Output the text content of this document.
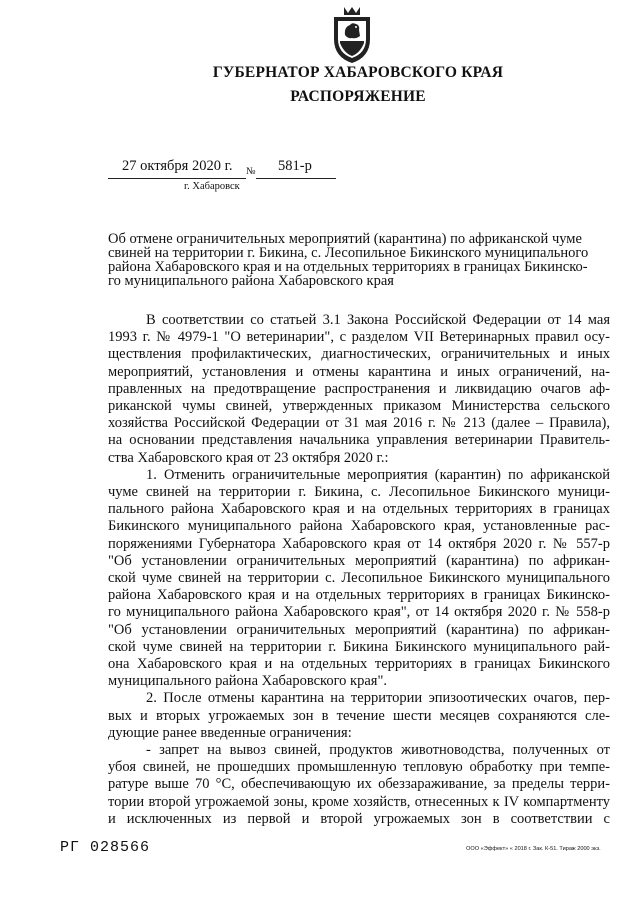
ГУБЕРНАТОР ХАБАРОВСКОГО КРАЯ
РАСПОРЯЖЕНИЕ
27 октября 2020 г. № 581-р
г. Хабаровск
Об отмене ограничительных мероприятий (карантина) по африканской чуме
свиней на территории г. Бикина, с. Лесопильное Бикинского муниципального
района Хабаровского края и на отдельных территориях в границах Бикинско-
го муниципального района Хабаровского края
В соответствии со статьей 3.1 Закона Российской Федерации от 14 мая
1993 г. № 4979-1 "О ветеринарии", с разделом VII Ветеринарных правил осу-
ществления профилактических, диагностических, ограничительных и иных
мероприятий, установления и отмены карантина и иных ограничений, на-
правленных на предотвращение распространения и ликвидацию очагов аф-
риканской чумы свиней, утвержденных приказом Министерства сельского
хозяйства Российской Федерации от 31 мая 2016 г. № 213 (далее – Правила),
на основании представления начальника управления ветеринарии Правитель-
ства Хабаровского края от 23 октября 2020 г.:
1. Отменить ограничительные мероприятия (карантин) по африканской
чуме свиней на территории г. Бикина, с. Лесопильное Бикинского муници-
пального района Хабаровского края и на отдельных территориях в границах
Бикинского муниципального района Хабаровского края, установленные рас-
поряжениями Губернатора Хабаровского края от 14 октября 2020 г. № 557-р
"Об установлении ограничительных мероприятий (карантина) по африкан-
ской чуме свиней на территории с. Лесопильное Бикинского муниципального
района Хабаровского края и на отдельных территориях в границах Бикинско-
го муниципального района Хабаровского края", от 14 октября 2020 г. № 558-р
"Об установлении ограничительных мероприятий (карантина) по африкан-
ской чуме свиней на территории г. Бикина Бикинского муниципального рай-
она Хабаровского края и на отдельных территориях в границах Бикинского
муниципального района Хабаровского края".
2. После отмены карантина на территории эпизоотических очагов, пер-
вых и вторых угрожаемых зон в течение шести месяцев сохраняются сле-
дующие ранее введенные ограничения:
- запрет на вывоз свиней, продуктов животноводства, полученных от
убоя свиней, не прошедших промышленную тепловую обработку при темпе-
ратуре выше 70 °С, обеспечивающую их обеззараживание, за пределы терри-
тории второй угрожаемой зоны, кроме хозяйств, отнесенных к IV компартменту
и исключенных из первой и второй угрожаемых зон в соответствии с
РГ 028566	ООО «Эффект» « 2018 г. Зак. К-51. Тираж 2000 экз.
